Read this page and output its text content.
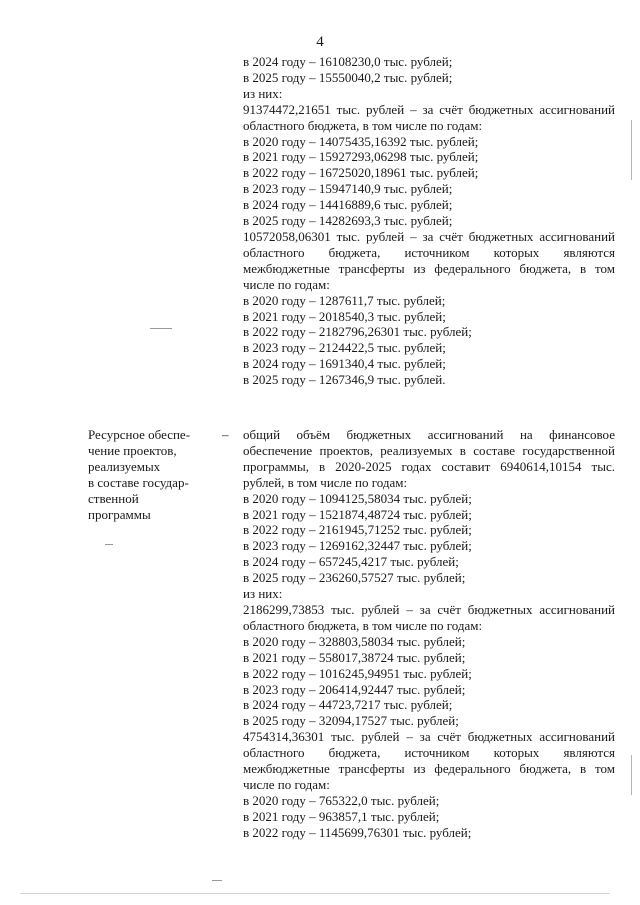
4

в 2024 году – 16108230,0 тыс. рублей;

в 2025 году – 15550040,2 тыс. рублей;

из них:

91374472,21651 тыс. рублей – за счёт бюджетных ассигнований областного бюджета, в том числе по годам:

в 2020 году – 14075435,16392 тыс. рублей;

в 2021 году – 15927293,06298 тыс. рублей;

в 2022 году – 16725020,18961 тыс. рублей;

в 2023 году – 15947140,9 тыс. рублей;

в 2024 году – 14416889,6 тыс. рублей;

в 2025 году – 14282693,3 тыс. рублей;

10572058,06301 тыс. рублей – за счёт бюджетных ассигнований областного бюджета, источником которых являются межбюджетные трансферты из федерального бюджета, в том числе по годам:

в 2020 году – 1287611,7 тыс. рублей;

в 2021 году – 2018540,3 тыс. рублей;

в 2022 году – 2182796,26301 тыс. рублей;

в 2023 году – 2124422,5 тыс. рублей;

в 2024 году – 1691340,4 тыс. рублей;

в 2025 году – 1267346,9 тыс. рублей.

Ресурсное обеспе-

чение проектов,

реализуемых

в составе государ-

ственной

программы

– общий объём бюджетных ассигнований на финансовое обеспечение проектов, реализуемых в составе государственной программы, в 2020-2025 годах составит 6940614,10154 тыс. рублей, в том числе по годам:

в 2020 году – 1094125,58034 тыс. рублей;

в 2021 году – 1521874,48724 тыс. рублей;

в 2022 году – 2161945,71252 тыс. рублей;

в 2023 году – 1269162,32447 тыс. рублей;

в 2024 году – 657245,4217 тыс. рублей;

в 2025 году – 236260,57527 тыс. рублей;

из них:

2186299,73853 тыс. рублей – за счёт бюджетных ассигнований областного бюджета, в том числе по годам:

в 2020 году – 328803,58034 тыс. рублей;

в 2021 году – 558017,38724 тыс. рублей;

в 2022 году – 1016245,94951 тыс. рублей;

в 2023 году – 206414,92447 тыс. рублей;

в 2024 году – 44723,7217 тыс. рублей;

в 2025 году – 32094,17527 тыс. рублей;

4754314,36301 тыс. рублей – за счёт бюджетных ассигнований областного бюджета, источником которых являются межбюджетные трансферты из федерального бюджета, в том числе по годам:

в 2020 году – 765322,0 тыс. рублей;

в 2021 году – 963857,1 тыс. рублей;

в 2022 году – 1145699,76301 тыс. рублей;
